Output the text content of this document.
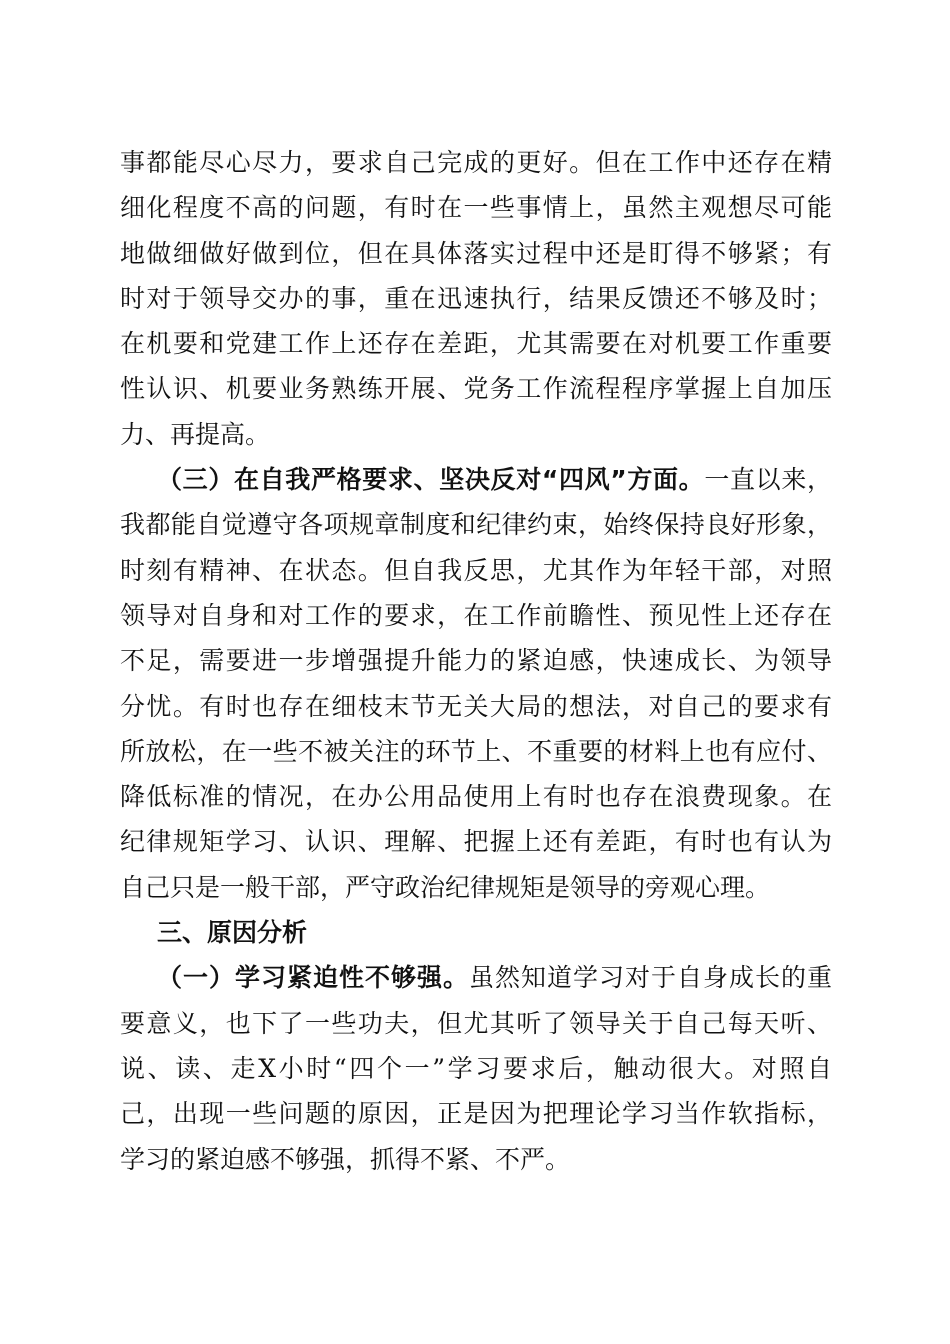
事都能尽心尽力，要求自己完成的更好。但在工作中还存在精
细化程度不高的问题，有时在一些事情上，虽然主观想尽可能
地做细做好做到位，但在具体落实过程中还是盯得不够紧；有
时对于领导交办的事，重在迅速执行，结果反馈还不够及时；
在机要和党建工作上还存在差距，尤其需要在对机要工作重要
性认识、机要业务熟练开展、党务工作流程程序掌握上自加压
力、再提高。
（三）在自我严格要求、坚决反对“四风”方面。一直以来，
我都能自觉遵守各项规章制度和纪律约束，始终保持良好形象，
时刻有精神、在状态。但自我反思，尤其作为年轻干部，对照
领导对自身和对工作的要求，在工作前瞻性、预见性上还存在
不足，需要进一步增强提升能力的紧迫感，快速成长、为领导
分忧。有时也存在细枝末节无关大局的想法，对自己的要求有
所放松，在一些不被关注的环节上、不重要的材料上也有应付、
降低标准的情况，在办公用品使用上有时也存在浪费现象。在
纪律规矩学习、认识、理解、把握上还有差距，有时也有认为
自己只是一般干部，严守政治纪律规矩是领导的旁观心理。
三、原因分析
（一）学习紧迫性不够强。虽然知道学习对于自身成长的重
要意义，也下了一些功夫，但尤其听了领导关于自己每天听、
说、读、走X小时“四个一”学习要求后，触动很大。对照自
己，出现一些问题的原因，正是因为把理论学习当作软指标，
学习的紧迫感不够强，抓得不紧、不严。
